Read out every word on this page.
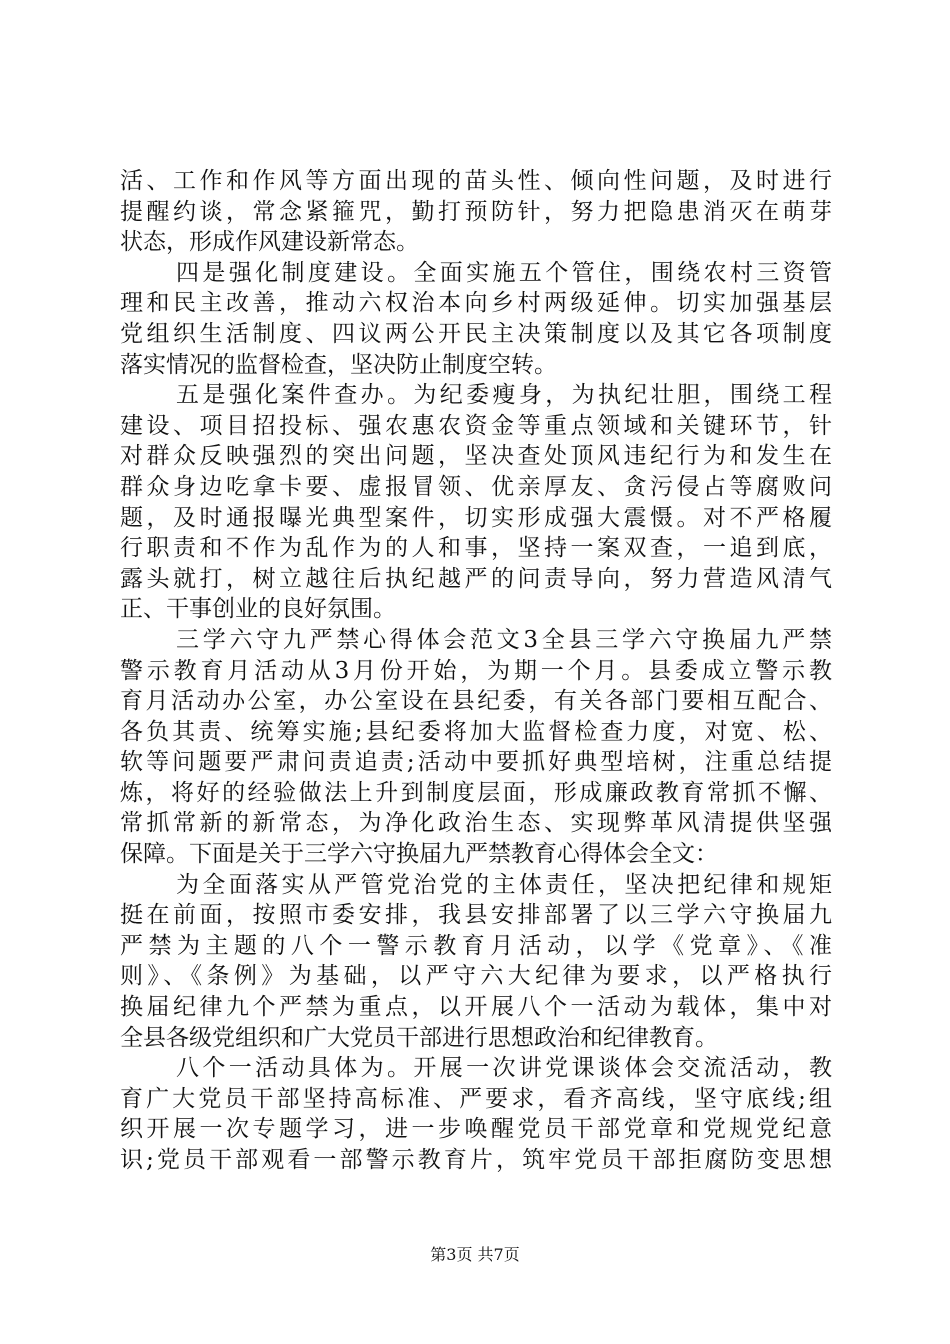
活、工作和作风等方面出现的苗头性、倾向性问题，及时进行
提醒约谈，常念紧箍咒，勤打预防针，努力把隐患消灭在萌芽
状态，形成作风建设新常态。
四是强化制度建设。全面实施五个管住，围绕农村三资管
理和民主改善，推动六权治本向乡村两级延伸。切实加强基层
党组织生活制度、四议两公开民主决策制度以及其它各项制度
落实情况的监督检查，坚决防止制度空转。
五是强化案件查办。为纪委瘦身，为执纪壮胆，围绕工程
建设、项目招投标、强农惠农资金等重点领域和关键环节，针
对群众反映强烈的突出问题，坚决查处顶风违纪行为和发生在
群众身边吃拿卡要、虚报冒领、优亲厚友、贪污侵占等腐败问
题，及时通报曝光典型案件，切实形成强大震慑。对不严格履
行职责和不作为乱作为的人和事，坚持一案双查，一追到底，
露头就打，树立越往后执纪越严的问责导向，努力营造风清气
正、干事创业的良好氛围。
三学六守九严禁心得体会范文3全县三学六守换届九严禁
警示教育月活动从3月份开始，为期一个月。县委成立警示教
育月活动办公室，办公室设在县纪委，有关各部门要相互配合、
各负其责、统筹实施;县纪委将加大监督检查力度，对宽、松、
软等问题要严肃问责追责;活动中要抓好典型培树，注重总结提
炼，将好的经验做法上升到制度层面，形成廉政教育常抓不懈、
常抓常新的新常态，为净化政治生态、实现弊革风清提供坚强
保障。下面是关于三学六守换届九严禁教育心得体会全文：
为全面落实从严管党治党的主体责任，坚决把纪律和规矩
挺在前面，按照市委安排，我县安排部署了以三学六守换届九
严禁为主题的八个一警示教育月活动，以学《党章》、《准
则》、《条例》为基础，以严守六大纪律为要求，以严格执行
换届纪律九个严禁为重点，以开展八个一活动为载体，集中对
全县各级党组织和广大党员干部进行思想政治和纪律教育。
八个一活动具体为。开展一次讲党课谈体会交流活动，教
育广大党员干部坚持高标准、严要求，看齐高线，坚守底线;组
织开展一次专题学习，进一步唤醒党员干部党章和党规党纪意
识;党员干部观看一部警示教育片，筑牢党员干部拒腐防变思想
第3页 共7页
